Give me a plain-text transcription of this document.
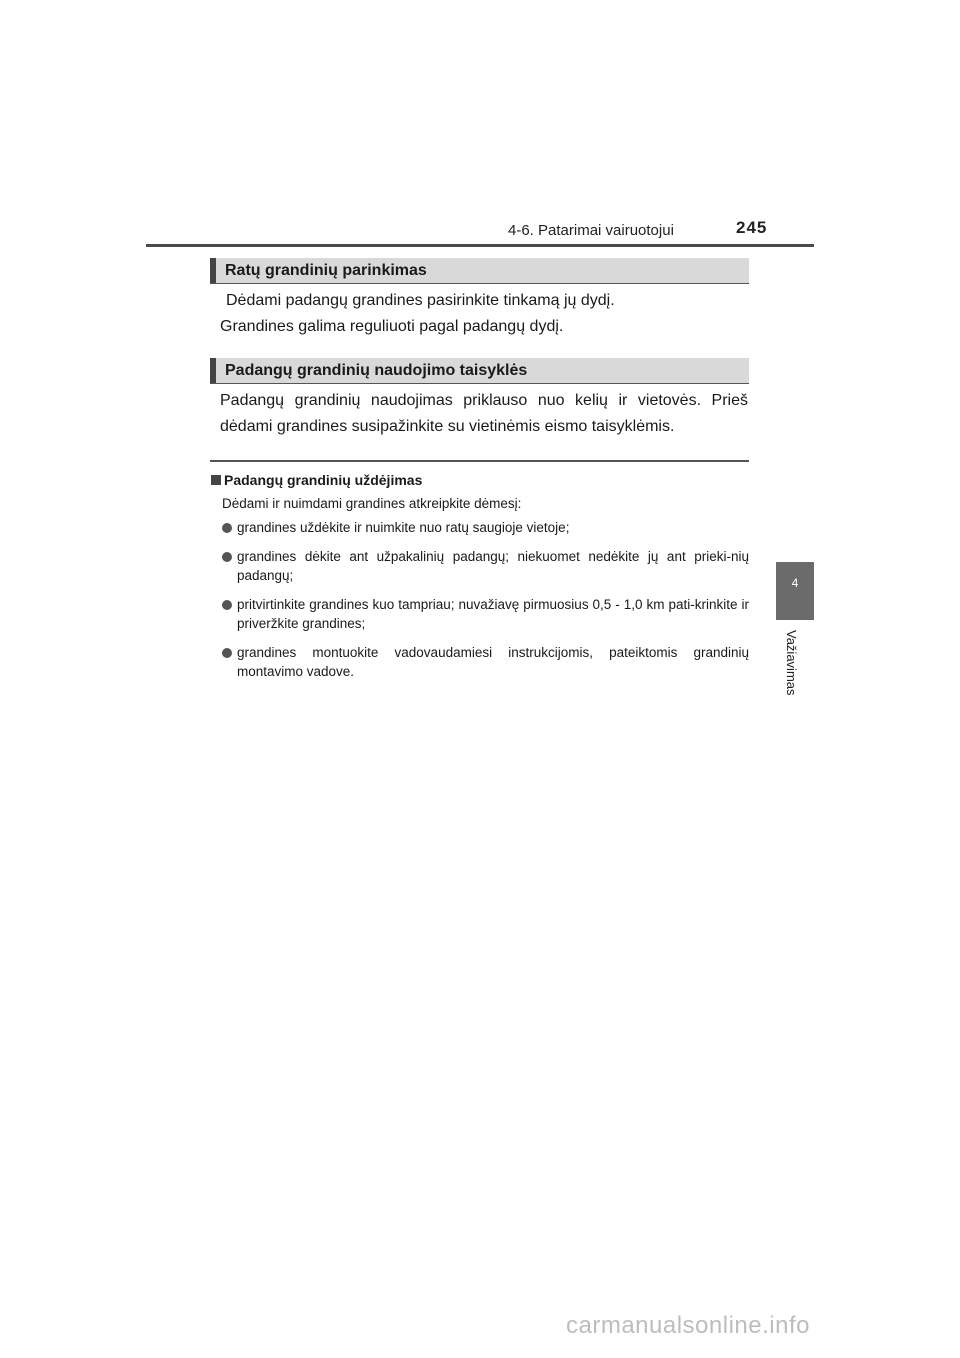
4-6. Patarimai vairuotojui	245
4
Važiavimas
Ratų grandinių parinkimas
Dėdami padangų grandines pasirinkite tinkamą jų dydį.
Grandines galima reguliuoti pagal padangų dydį.
Padangų grandinių naudojimo taisyklės
Padangų grandinių naudojimas priklauso nuo kelių ir vietovės. Prieš dėdami grandines susipažinkite su vietinėmis eismo taisyklėmis.
Padangų grandinių uždėjimas
Dėdami ir nuimdami grandines atkreipkite dėmesį:
grandines uždėkite ir nuimkite nuo ratų saugioje vietoje;
grandines dėkite ant užpakalinių padangų; niekuomet nedėkite jų ant prieki-nių padangų;
pritvirtinkite grandines kuo tampriau; nuvažiavę pirmuosius 0,5 - 1,0 km pati-krinkite ir priveržkite grandines;
grandines montuokite vadovaudamiesi instrukcijomis, pateiktomis grandinių montavimo vadove.
carmanualsonline.info
